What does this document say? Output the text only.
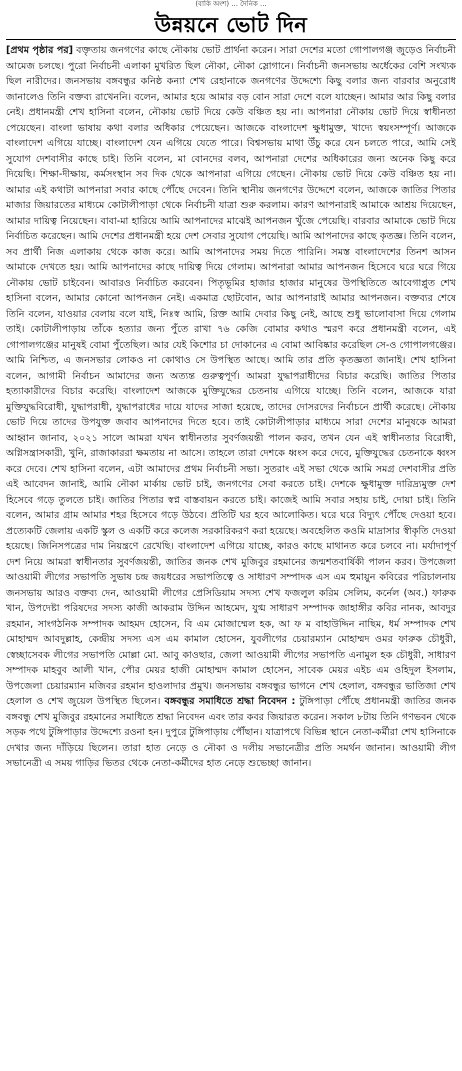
(বাকি অংশ) ... দৈনিক ...
উন্নয়নে ভোট দিন

[প্রথম পৃষ্ঠার পর] বক্তৃতায় জনগণের কাছে নৌকায় ভোট প্রার্থনা করেন। সারা দেশের মতো গোপালগঞ্জ জুড়েও নির্বাচনী আমেজ চলছে। পুরো নির্বাচনী এলাকা মুখরিত ছিল নৌকা, নৌকা স্লোগানে। নির্বাচনী জনসভায় অর্ধেকের বেশি সংখ্যক ছিল নারীদের। জনসভায় বঙ্গবন্ধুর কনিষ্ঠ কন্যা শেখ রেহানাকে জনগণের উদ্দেশ্যে কিছু বলার জন্য বারবার অনুরোধ জানালেও তিনি বক্তব্য রাখেননি। বলেন, আমার হয়ে আমার বড় বোন সারা দেশে বলে যাচ্ছেন। আমার আর কিছু বলার নেই। প্রধানমন্ত্রী শেখ হাসিনা বলেন, নৌকায় ভোট দিয়ে কেউ বঞ্চিত হয় না। আপনারা নৌকায় ভোট দিয়ে স্বাধীনতা পেয়েছেন। বাংলা ভাষায় কথা বলার অধিকার পেয়েছেন। আজকে বাংলাদেশ ক্ষুধামুক্ত, খাদ্যে স্বয়ংসম্পূর্ণ। আজকে বাংলাদেশ এগিয়ে যাচ্ছে। বাংলাদেশ যেন এগিয়ে যেতে পারে। বিশ্বসভায় মাথা উঁচু করে যেন চলতে পারে, আমি সেই সুযোগ দেশবাসীর কাছে চাই। তিনি বলেন, মা বোনদের বলব, আপনারা দেশের অধিকারের জন্য অনেক কিছু করে দিয়েছি। শিক্ষা-দীক্ষায়, কর্মসংস্থান সব দিক থেকে আপনারা এগিয়ে গেছেন। নৌকায় ভোট দিয়ে কেউ বঞ্চিত হয় না। আমার এই কথাটা আপনারা সবার কাছে পৌঁছে দেবেন। তিনি স্থানীয় জনগণের উদ্দেশে বলেন, আজকে জাতির পিতার মাজার জিয়ারতের মাধ্যমে কোটালীপাড়া থেকে নির্বাচনী যাত্রা শুরু করলাম। কারণ আপনারাই আমাকে আশ্রয় দিয়েছেন, আমার দায়িত্ব নিয়েছেন। বাবা-মা হারিয়ে আমি আপনাদের মাঝেই আপনজন খুঁজে পেয়েছি। বারবার আমাকে ভোট দিয়ে নির্বাচিত করেছেন। আমি দেশের প্রধানমন্ত্রী হয়ে দেশ সেবার সুযোগ পেয়েছি। আমি আপনাদের কাছে কৃতজ্ঞ। তিনি বলেন, সব প্রার্থী নিজ এলাকায় থেকে কাজ করে। আমি আপনাদের সময় দিতে পারিনি। সমস্ত বাংলাদেশের তিনশ আসন আমাকে দেখতে হয়। আমি আপনাদের কাছে দায়িত্ব দিয়ে গেলাম। আপনারা আমার আপনজন হিসেবে ঘরে ঘরে গিয়ে নৌকায় ভোট চাইবেন। আবারও নির্বাচিত করবেন। পিতৃভূমির হাজার হাজার মানুষের উপস্থিতিতে আবেগাপ্লুত শেখ হাসিনা বলেন, আমার কোনো আপনজন নেই। একমাত্র ছোটবোন, আর আপনারাই আমার আপনজন। বক্তব্যর শেষে তিনি বলেন, যাওয়ার বেলায় বলে যাই, নিঃস্ব আমি, রিক্ত আমি দেবার কিছু নেই, আছে শুধু ভালোবাসা দিয়ে গেলাম তাই। কোটালীপাড়ায় তাঁকে হত্যার জন্য পুঁতে রাখা ৭৬ কেজি বোমার কথাও স্মরণ করে প্রধানমন্ত্রী বলেন, এই গোপালগঞ্জের মানুষই বোমা পুঁতেছিল। আর যেই কিশোর চা দোকানের এ বোমা আবিষ্কার করেছিল সে-ও গোপালগঞ্জের। আমি নিশ্চিত, এ জনসভার লোকও না কোথাও সে উপস্থিত আছে। আমি তার প্রতি কৃতজ্ঞতা জানাই। শেখ হাসিনা বলেন, আগামী নির্বাচন আমাদের জন্য অত্যন্ত গুরুত্বপূর্ণ। আমরা যুদ্ধাপরাধীদের বিচার করেছি। জাতির পিতার হত্যাকারীদের বিচার করেছি। বাংলাদেশ আজকে মুক্তিযুদ্ধের চেতনায় এগিয়ে যাচ্ছে। তিনি বলেন, আজকে যারা মুক্তিযুদ্ধবিরোধী, যুদ্ধাপরাধী, যুদ্ধাপরাধের দায়ে যাদের সাজা হয়েছে, তাদের দোসরদের নির্বাচনে প্রার্থী করেছে। নৌকায় ভোট দিয়ে তাদের উপযুক্ত জবাব আপনাদের দিতে হবে। তাই কোটালীপাড়ার মাধ্যমে সারা দেশের মানুষকে আমরা আহ্বান জানাব, ২০২১ সালে আমরা যখন স্বাধীনতার সুবর্ণজয়ন্তী পালন করব, তখন যেন এই স্বাধীনতার বিরোধী, অগ্নিসন্ত্রাসকারী, খুনি, রাজাকাররা ক্ষমতায় না আসে। তাহলে তারা দেশকে ধ্বংস করে দেবে, মুক্তিযুদ্ধের চেতনাকে ধ্বংস করে দেবে। শেখ হাসিনা বলেন, এটা আমাদের প্রথম নির্বাচনী সভা। সুতরাং এই সভা থেকে আমি সমগ্র দেশবাসীর প্রতি এই আবেদন জানাই, আমি নৌকা মার্কায় ভোট চাই, জনগণের সেবা করতে চাই। দেশকে ক্ষুধামুক্ত দারিদ্র্যমুক্ত দেশ হিসেবে গড়ে তুলতে চাই। জাতির পিতার স্বপ্ন বাস্তবায়ন করতে চাই। কাজেই আমি সবার সহায় চাই, দোয়া চাই। তিনি বলেন, আমার গ্রাম আমার শহর হিসেবে গড়ে উঠবে। প্রতিটি ঘর হবে আলোকিত। ঘরে ঘরে বিদ্যুৎ পৌঁছে দেওয়া হবে। প্রত্যেকটি জেলায় একটি স্কুল ও একটি করে কলেজ সরকারিকরণ করা হয়েছে। অবহেলিত কওমি মাদ্রাসার স্বীকৃতি দেওয়া হয়েছে। জিনিসপত্রের দাম নিয়ন্ত্রণে রেখেছি। বাংলাদেশ এগিয়ে যাচ্ছে, কারও কাছে মাথানত করে চলবে না। মর্যাদাপূর্ণ দেশ নিয়ে আমরা স্বাধীনতার সুবর্ণজয়ন্তী, জাতির জনক শেখ মুজিবুর রহমানের জন্মশতবার্ষিকী পালন করব। উপজেলা আওয়ামী লীগের সভাপতি সুভাষ চন্দ্র জয়ধরের সভাপতিত্বে ও সাধারণ সম্পাদক এস এম হুমায়ুন কবিরের পরিচালনায় জনসভায় আরও বক্তব্য দেন, আওয়ামী লীগের প্রেসিডিয়াম সদস্য শেখ ফজলুল করিম সেলিম, কর্নেল (অব.) ফারুক খান, উপদেষ্টা পরিষদের সদস্য কাজী আকরাম উদ্দিন আহমেদ, যুগ্ম সাধারণ সম্পাদক জাহাঙ্গীর কবির নানক, আবদুর রহমান, সাংগঠনিক সম্পাদক আহমদ হোসেন, বি এম মোজাম্মেল হক, আ ফ ম বাহাউদ্দিন নাছিম, ধর্ম সম্পাদক শেখ মোহাম্মদ আবদুল্লাহ, কেন্দ্রীয় সদস্য এস এম কামাল হোসেন, যুবলীগের চেয়ারম্যান মোহাম্মদ ওমর ফারুক চৌধুরী, স্বেচ্ছাসেবক লীগের সভাপতি মোল্লা মো. আবু কাওছার, জেলা আওয়ামী লীগের সভাপতি এনামুল হক চৌধুরী, সাধারণ সম্পাদক মাহবুব আলী খান, পৌর মেয়র হাজী মোহাম্মদ কামাল হোসেন, সাবেক মেয়র এইচ এম ওহিদুল ইসলাম, উপজেলা চেয়ারম্যান মজিবর রহমান হাওলাদার প্রমুখ। জনসভায় বঙ্গবন্ধুর ভাগনে শেখ হেলাল, বঙ্গবন্ধুর ভাতিজা শেখ হেলাল ও শেখ জুয়েল উপস্থিত ছিলেন। বঙ্গবন্ধুর সমাধিতে শ্রদ্ধা নিবেদন : টুঙ্গিপাড়া পৌঁছে প্রধানমন্ত্রী জাতির জনক বঙ্গবন্ধু শেখ মুজিবুর রহমানের সমাধিতে শ্রদ্ধা নিবেদন এবং তার কবর জিয়ারত করেন। সকাল ৮টায় তিনি গণভবন থেকে সড়ক পথে টুঙ্গিপাড়ার উদ্দেশ্যে রওনা হন। দুপুরে টুঙ্গিপাড়ায় পৌঁছান। যাত্রাপথে বিভিন্ন স্থানে নেতা-কর্মীরা শেখ হাসিনাকে দেখার জন্য দাঁড়িয়ে ছিলেন। তারা হাত নেড়ে ও নৌকা ও দলীয় সভানেত্রীর প্রতি সমর্থন জানান। আওয়ামী লীগ সভানেত্রী এ সময় গাড়ির ভিতর থেকে নেতা-কর্মীদের হাত নেড়ে শুভেচ্ছা জানান।
